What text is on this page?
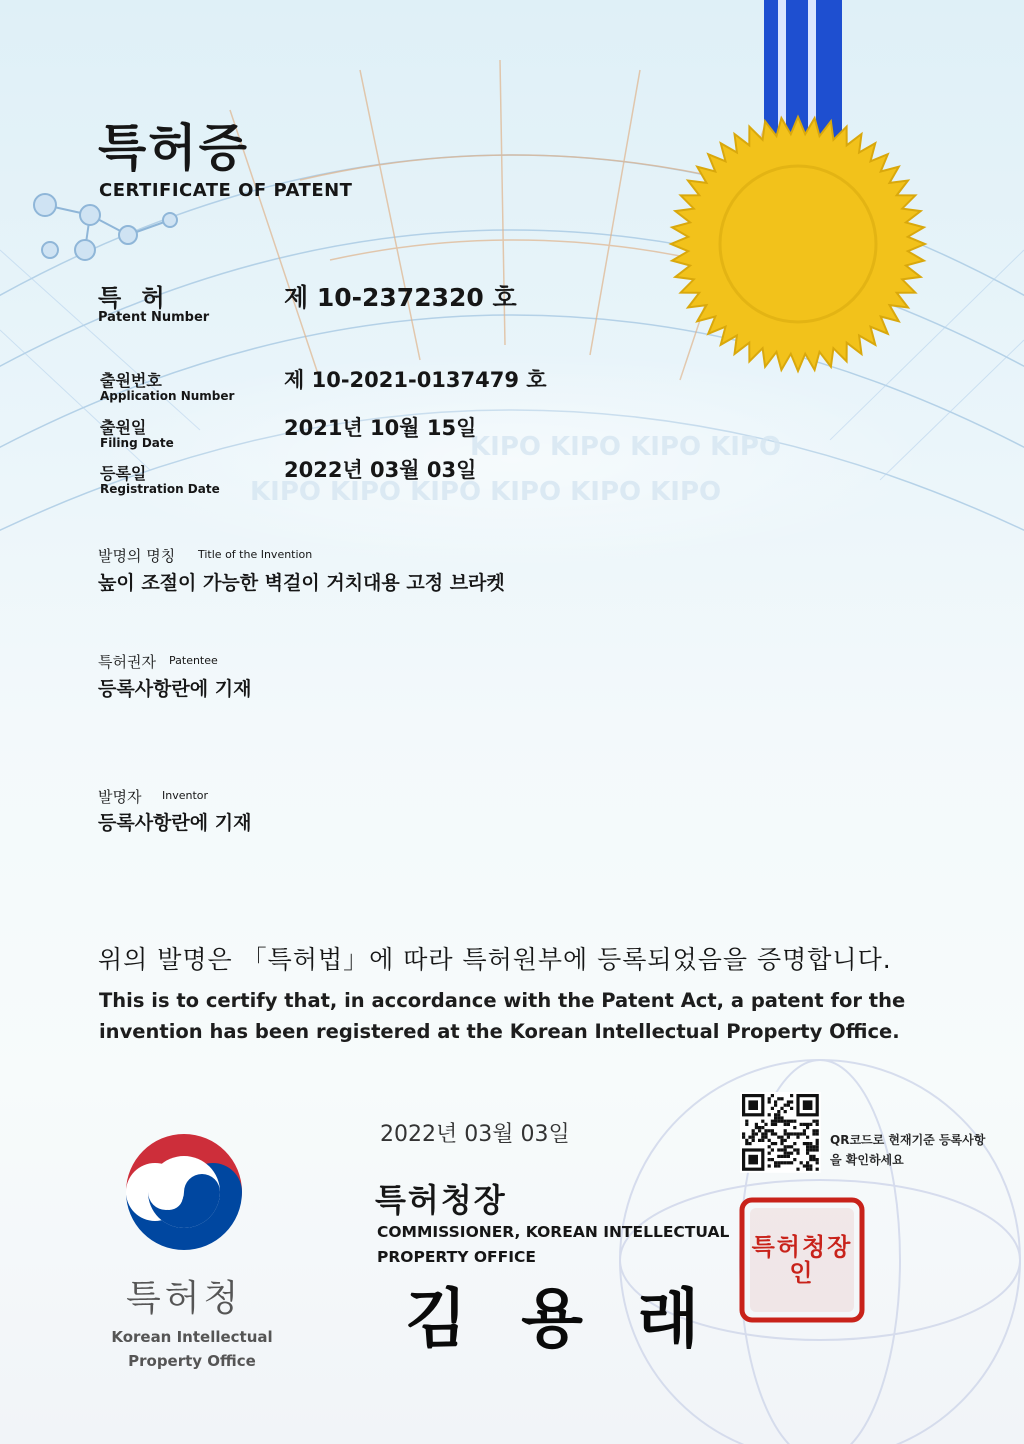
KIPO KIPO KIPO KIPO
KIPO KIPO KIPO KIPO KIPO KIPO
특허증
CERTIFICATE OF PATENT
특 허
Patent Number
제 10-2372320 호
출원번호
Application Number
제 10-2021-0137479 호
출원일
Filing Date
2021년 10월 15일
등록일
Registration Date
2022년 03월 03일
발명의 명칭 Title of the Invention
높이 조절이 가능한 벽걸이 거치대용 고정 브라켓
특허권자 Patentee
등록사항란에 기재
발명자 Inventor
등록사항란에 기재
위의 발명은 「특허법」에 따라 특허원부에 등록되었음을 증명합니다.
This is to certify that, in accordance with the Patent Act, a patent for the invention has been registered at the Korean Intellectual Property Office.
특허청
Korean Intellectual Property Office
2022년 03월 03일
특허청장
COMMISSIONER, KOREAN INTELLECTUAL PROPERTY OFFICE
김 용 래
QR코드로 현재기준 등록사항을 확인하세요
특허청장인
